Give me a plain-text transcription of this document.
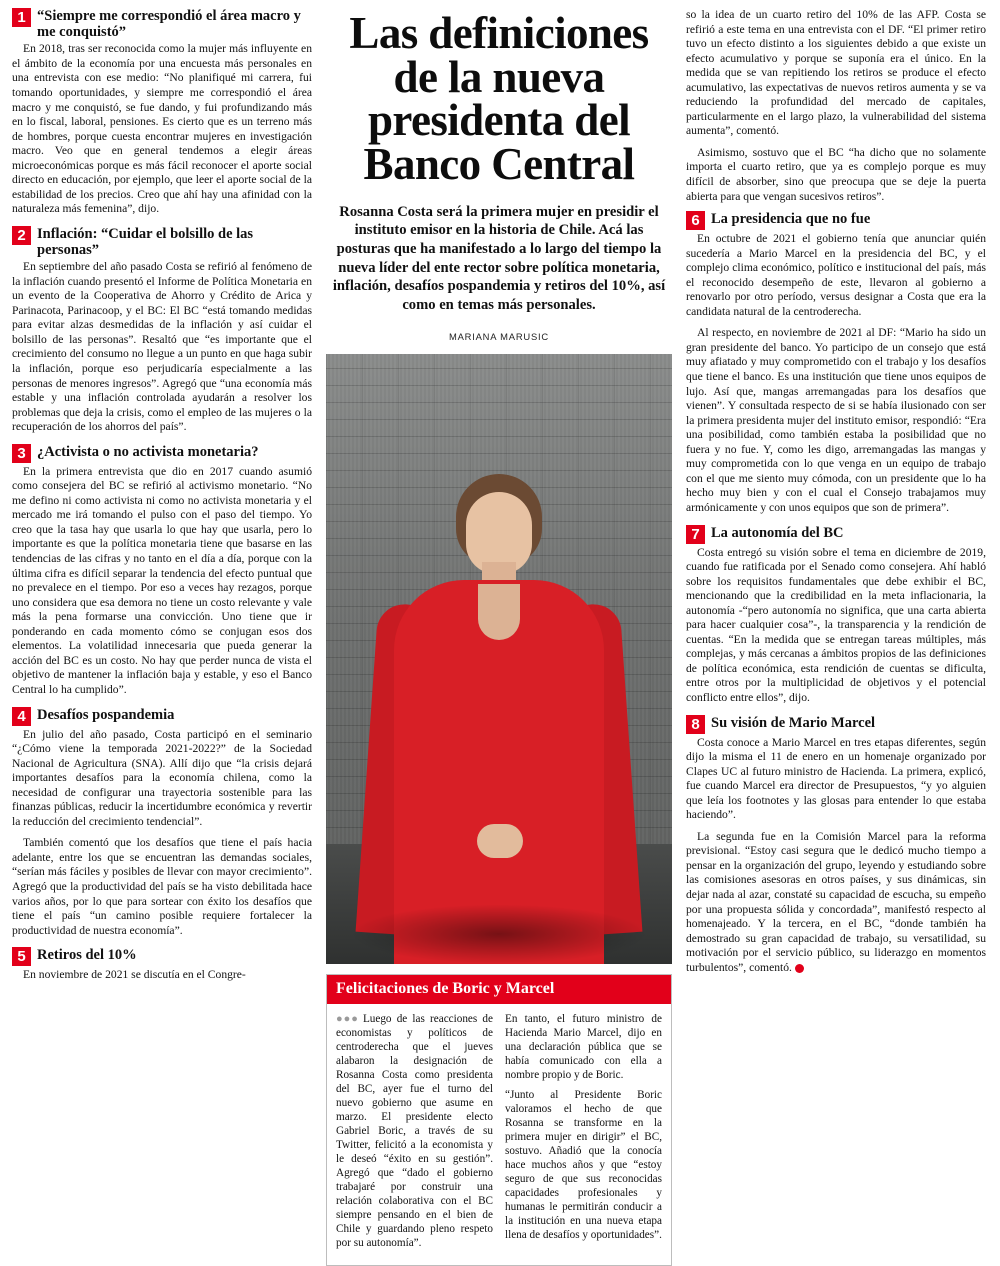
1 “Siempre me correspondió el área macro y me conquistó”

En 2018, tras ser reconocida como la mujer más influyente en el ámbito de la economía por una encuesta más personales en una entrevista con ese medio: “No planifiqué mi carrera, fui tomando oportunidades, y siempre me correspondió el área macro y me conquistó, se fue dando, y fui profundizando más en lo fiscal, laboral, pensiones. Es cierto que es un terreno más de hombres, porque cuesta encontrar mujeres en investigación macro. Veo que en general tendemos a elegir áreas microeconómicas porque es más fácil reconocer el aporte social directo en educación, por ejemplo, que leer el aporte social de la estabilidad de los precios. Creo que ahí hay una afinidad con la naturaleza más femenina”, dijo.

2 Inflación: “Cuidar el bolsillo de las personas”

En septiembre del año pasado Costa se refirió al fenómeno de la inflación cuando presentó el Informe de Política Monetaria en un evento de la Cooperativa de Ahorro y Crédito de Arica y Parinacota, Parinacoop, y el BC: El BC “está tomando medidas para evitar alzas desmedidas de la inflación y así cuidar el bolsillo de las personas”. Resaltó que “es importante que el crecimiento del consumo no llegue a un punto en que haga subir la inflación, porque eso perjudicaría especialmente a las personas de menores ingresos”. Agregó que “una economía más estable y una inflación controlada ayudarán a resolver los problemas que deja la crisis, como el empleo de las mujeres o la recuperación de los ahorros del país”.

3 ¿Activista o no activista monetaria?

En la primera entrevista que dio en 2017 cuando asumió como consejera del BC se refirió al activismo monetario. “No me defino ni como activista ni como no activista monetaria y el mercado me irá tomando el pulso con el paso del tiempo. Yo creo que la tasa hay que usarla lo que hay que usarla, pero lo importante es que la política monetaria tiene que basarse en las tendencias de las cifras y no tanto en el día a día, porque con la última cifra es difícil separar la tendencia del efecto puntual que no prevalece en el tiempo. Por eso a veces hay rezagos, porque uno considera que esa demora no tiene un costo relevante y vale más la pena formarse una convicción. Uno tiene que ir ponderando en cada momento cómo se conjugan esos dos elementos. La volatilidad innecesaria que pueda generar la acción del BC es un costo. No hay que perder nunca de vista el objetivo de mantener la inflación baja y estable, y eso el Banco Central lo ha cumplido”.

4 Desafíos pospandemia

En julio del año pasado, Costa participó en el seminario “¿Cómo viene la temporada 2021-2022?” de la Sociedad Nacional de Agricultura (SNA). Allí dijo que “la crisis dejará importantes desafíos para la economía chilena, como la necesidad de configurar una trayectoria sostenible para las finanzas públicas, reducir la incertidumbre económica y revertir la reducción del crecimiento tendencial”.

También comentó que los desafíos que tiene el país hacia adelante, entre los que se encuentran las demandas sociales, “serían más fáciles y posibles de llevar con mayor crecimiento”. Agregó que la productividad del país se ha visto debilitada hace varios años, por lo que para sortear con éxito los desafíos que tiene el país “un camino posible requiere fortalecer la productividad de nuestra economía”.

5 Retiros del 10%

En noviembre de 2021 se discutía en el Congre-

Las definiciones de la nueva presidenta del Banco Central
Rosanna Costa será la primera mujer en presidir el instituto emisor en la historia de Chile. Acá las posturas que ha manifestado a lo largo del tiempo la nueva líder del ente rector sobre política monetaria, inflación, desafíos pospandemia y retiros del 10%, así como en temas más personales.
MARIANA MARUSIC
Felicitaciones de Boric y Marcel

●●● Luego de las reacciones de economistas y políticos de centroderecha que el jueves alabaron la designación de Rosanna Costa como presidenta del BC, ayer fue el turno del nuevo gobierno que asume en marzo. El presidente electo Gabriel Boric, a través de su Twitter, felicitó a la economista y le deseó “éxito en su gestión”. Agregó que “dado el gobierno trabajaré por construir una relación colaborativa con el BC siempre pensando en el bien de Chile y guardando pleno respeto por su autonomía”.

En tanto, el futuro ministro de Hacienda Mario Marcel, dijo en una declaración pública que se había comunicado con ella a nombre propio y de Boric.

“Junto al Presidente Boric valoramos el hecho de que Rosanna se transforme en la primera mujer en dirigir” el BC, sostuvo. Añadió que la conocía hace muchos años y que “estoy seguro de que sus reconocidas capacidades profesionales y humanas le permitirán conducir a la institución en una nueva etapa llena de desafíos y oportunidades”.

so la idea de un cuarto retiro del 10% de las AFP. Costa se refirió a este tema en una entrevista con el DF. “El primer retiro tuvo un efecto distinto a los siguientes debido a que existe un efecto acumulativo y porque se suponía era el único. En la medida que se van repitiendo los retiros se produce el efecto acumulativo, las expectativas de nuevos retiros aumenta y se va reduciendo la profundidad del mercado de capitales, particularmente en el largo plazo, la vulnerabilidad del sistema aumenta”, comentó.

Asimismo, sostuvo que el BC “ha dicho que no solamente importa el cuarto retiro, que ya es complejo porque es muy difícil de absorber, sino que preocupa que se deje la puerta abierta para que vengan sucesivos retiros”.

6 La presidencia que no fue

En octubre de 2021 el gobierno tenía que anunciar quién sucedería a Mario Marcel en la presidencia del BC, y el complejo clima económico, político e institucional del país, más el reconocido desempeño de este, llevaron al gobierno a renovarlo por otro período, versus designar a Costa que era la candidata natural de la centroderecha.

Al respecto, en noviembre de 2021 al DF: “Mario ha sido un gran presidente del banco. Yo participo de un consejo que está muy afiatado y muy comprometido con el trabajo y los desafíos que tiene el banco. Es una institución que tiene unos equipos de lujo. Así que, mangas arremangadas para los desafíos que vienen”. Y consultada respecto de si se había ilusionado con ser la primera presidenta mujer del instituto emisor, respondió: “Era una posibilidad, como también estaba la posibilidad que no fuera y no fue. Y, como les digo, arremangadas las mangas y muy comprometida con lo que venga en un equipo de trabajo con el que me siento muy cómoda, con un presidente que lo ha hecho muy bien y con el cual el Consejo trabajamos muy armónicamente y con unos equipos que son de primera”.

7 La autonomía del BC

Costa entregó su visión sobre el tema en diciembre de 2019, cuando fue ratificada por el Senado como consejera. Ahí habló sobre los requisitos fundamentales que debe exhibir el BC, mencionando que la credibilidad en la meta inflacionaria, la autonomía -“pero autonomía no significa, que una carta abierta para hacer cualquier cosa”-, la transparencia y la rendición de cuentas. “En la medida que se entregan tareas múltiples, más complejas, y más cercanas a ámbitos propios de las definiciones de política económica, esta rendición de cuentas se dificulta, entre otros por la multiplicidad de objetivos y el potencial conflicto entre ellos”, dijo.

8 Su visión de Mario Marcel

Costa conoce a Mario Marcel en tres etapas diferentes, según dijo la misma el 11 de enero en un homenaje organizado por Clapes UC al futuro ministro de Hacienda. La primera, explicó, fue cuando Marcel era director de Presupuestos, “y yo alguien que leía los footnotes y las glosas para entender lo que estaba haciendo”.

La segunda fue en la Comisión Marcel para la reforma previsional. “Estoy casi segura que le dedicó mucho tiempo a pensar en la organización del grupo, leyendo y estudiando sobre las comisiones asesoras en otros países, y sus dinámicas, sin dejar nada al azar, constaté su capacidad de escucha, su empeño por una propuesta sólida y concordada”, manifestó respecto al homenajeado. Y la tercera, en el BC, “donde también ha demostrado su gran capacidad de trabajo, su versatilidad, su motivación por el servicio público, su liderazgo en momentos turbulentos”, comentó.
